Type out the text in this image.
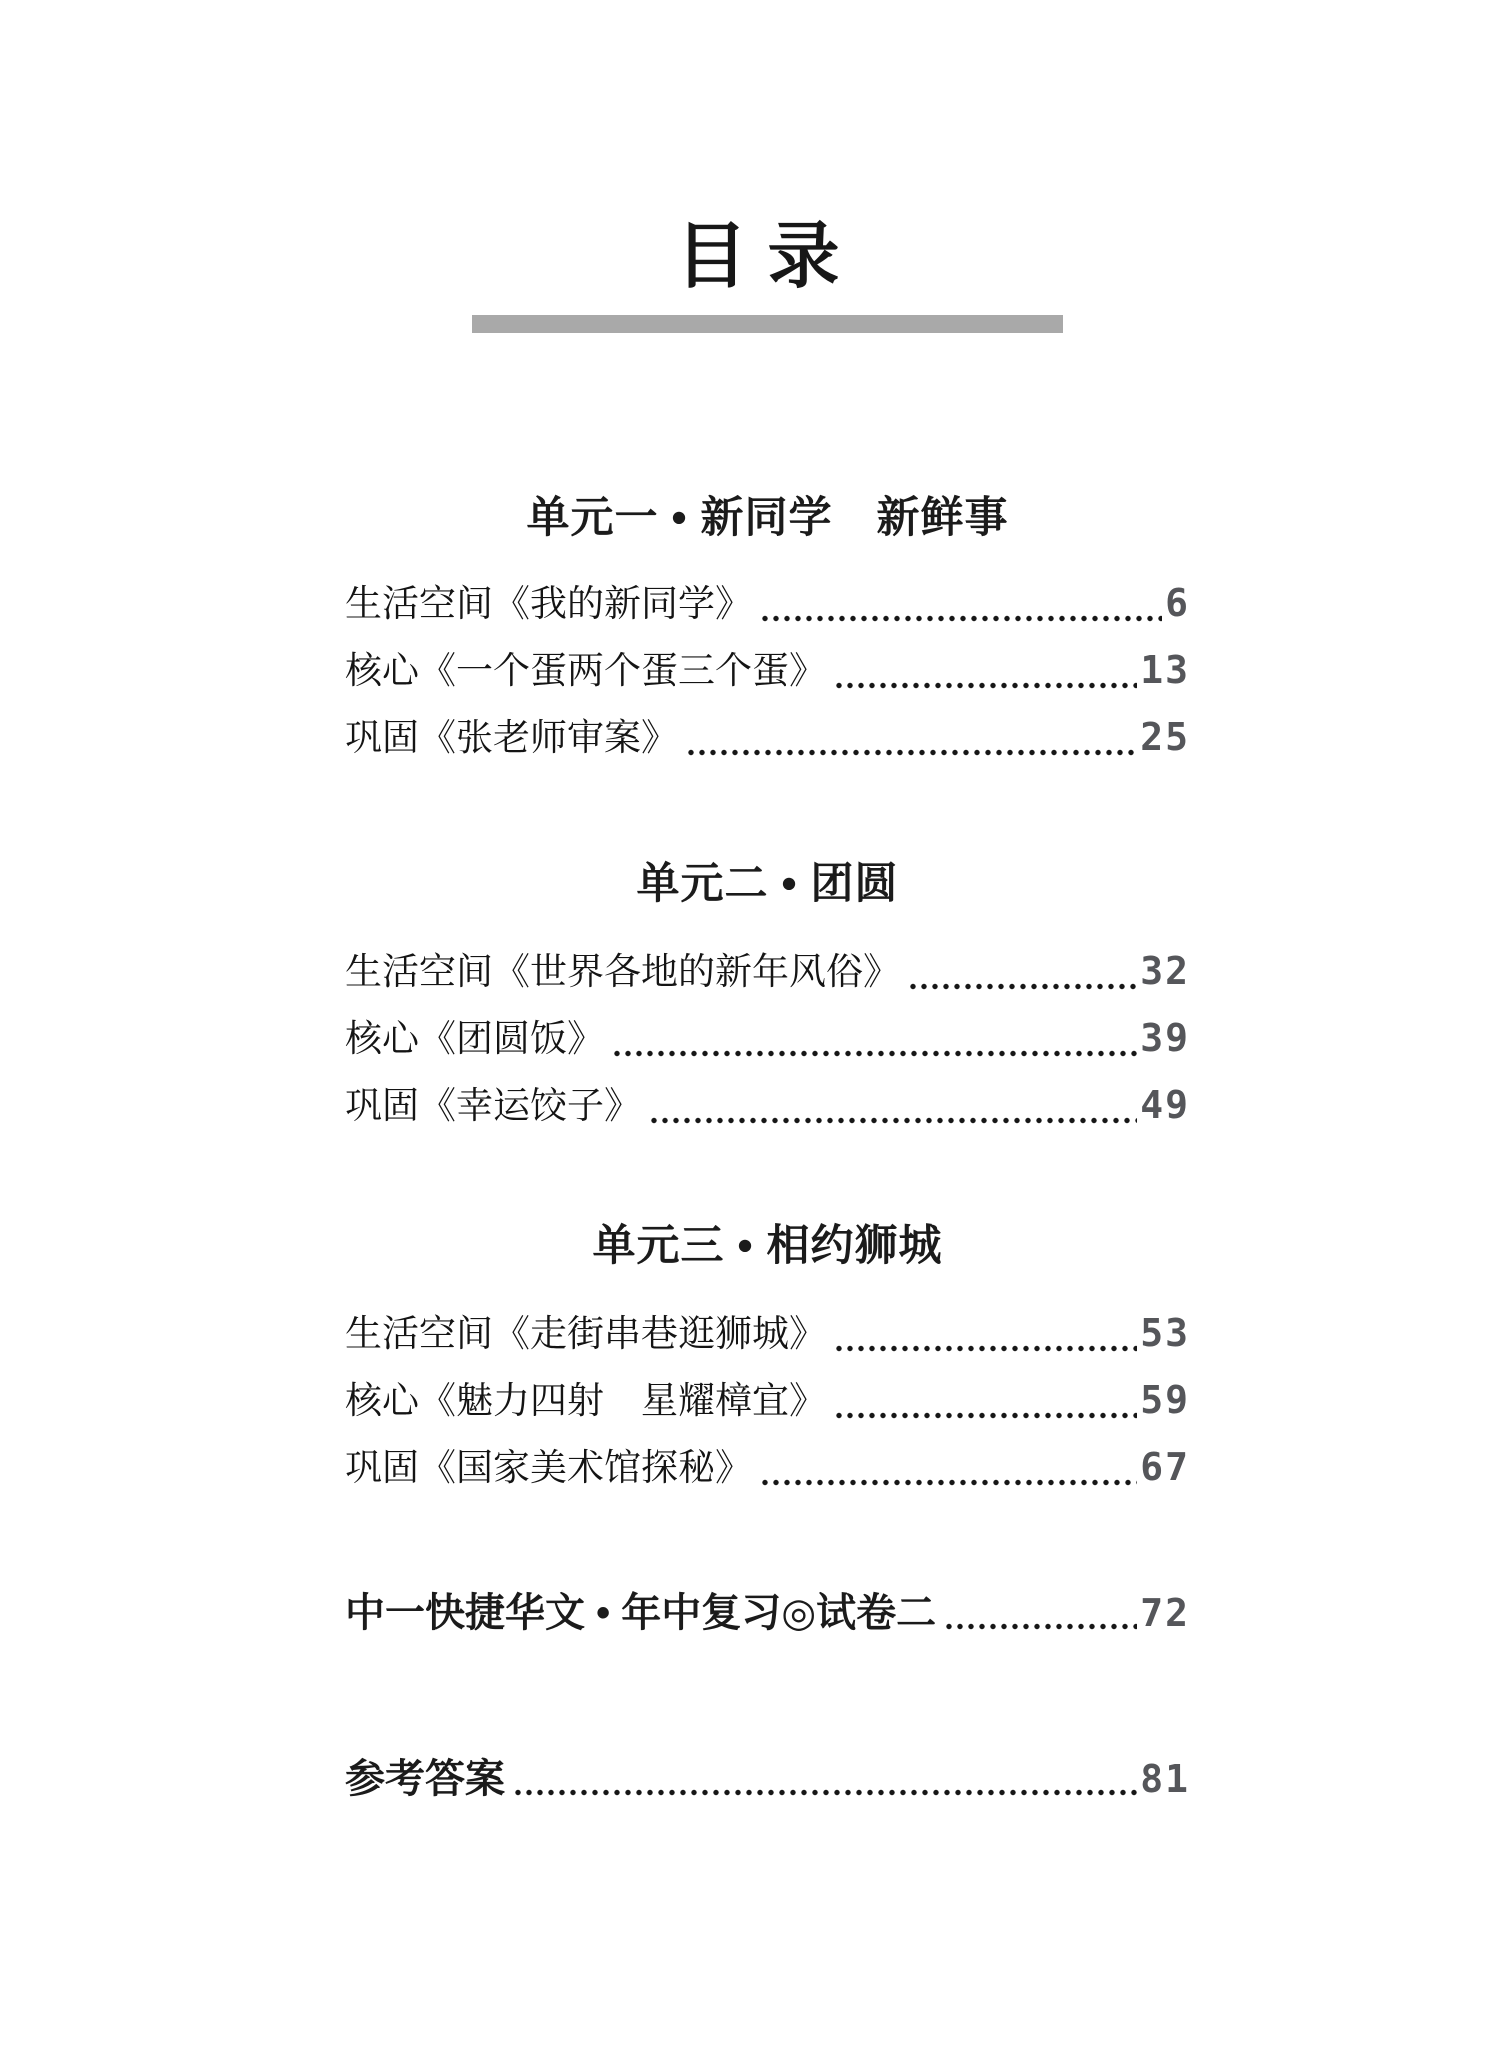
目录
单元一 • 新同学　新鲜事
生活空间《我的新同学》	6
核心《一个蛋两个蛋三个蛋》	13
巩固《张老师审案》	25
单元二 • 团圆
生活空间《世界各地的新年风俗》	32
核心《团圆饭》	39
巩固《幸运饺子》	49
单元三 • 相约狮城
生活空间《走街串巷逛狮城》	53
核心《魅力四射　星耀樟宜》	59
巩固《国家美术馆探秘》	67
中一快捷华文 • 年中复习◎试卷二	72
参考答案	81
